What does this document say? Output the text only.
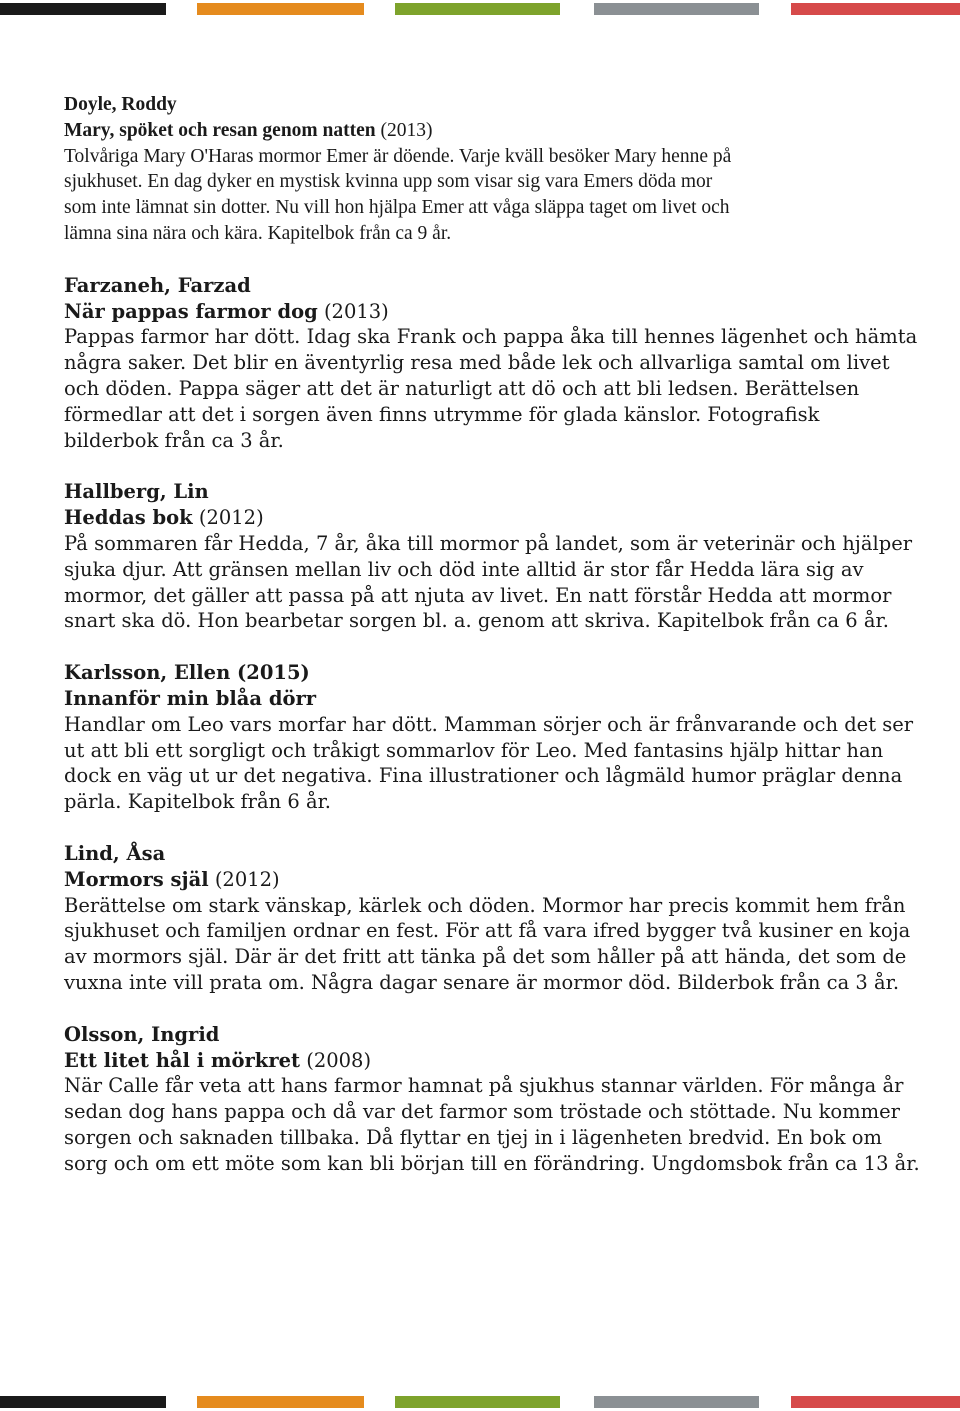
Doyle, Roddy
Mary, spöket och resan genom natten (2013)
Tolvåriga Mary O'Haras mormor Emer är döende. Varje kväll besöker Mary henne på
sjukhuset. En dag dyker en mystisk kvinna upp som visar sig vara Emers döda mor
som inte lämnat sin dotter. Nu vill hon hjälpa Emer att våga släppa taget om livet och
lämna sina nära och kära. Kapitelbok från ca 9 år.
Farzaneh, Farzad
När pappas farmor dog (2013)
Pappas farmor har dött. Idag ska Frank och pappa åka till hennes lägenhet och hämta
några saker. Det blir en äventyrlig resa med både lek och allvarliga samtal om livet
och döden. Pappa säger att det är naturligt att dö och att bli ledsen. Berättelsen
förmedlar att det i sorgen även finns utrymme för glada känslor. Fotografisk
bilderbok från ca 3 år.
Hallberg, Lin
Heddas bok (2012)
På sommaren får Hedda, 7 år, åka till mormor på landet, som är veterinär och hjälper
sjuka djur. Att gränsen mellan liv och död inte alltid är stor får Hedda lära sig av
mormor, det gäller att passa på att njuta av livet. En natt förstår Hedda att mormor
snart ska dö. Hon bearbetar sorgen bl. a. genom att skriva. Kapitelbok från ca 6 år.
Karlsson, Ellen (2015)
Innanför min blåa dörr
Handlar om Leo vars morfar har dött. Mamman sörjer och är frånvarande och det ser
ut att bli ett sorgligt och tråkigt sommarlov för Leo. Med fantasins hjälp hittar han
dock en väg ut ur det negativa. Fina illustrationer och lågmäld humor präglar denna
pärla. Kapitelbok från 6 år.
Lind, Åsa
Mormors själ (2012)
Berättelse om stark vänskap, kärlek och döden. Mormor har precis kommit hem från
sjukhuset och familjen ordnar en fest. För att få vara ifred bygger två kusiner en koja
av mormors själ. Där är det fritt att tänka på det som håller på att hända, det som de
vuxna inte vill prata om. Några dagar senare är mormor död. Bilderbok från ca 3 år.
Olsson, Ingrid
Ett litet hål i mörkret (2008)
När Calle får veta att hans farmor hamnat på sjukhus stannar världen. För många år
sedan dog hans pappa och då var det farmor som tröstade och stöttade. Nu kommer
sorgen och saknaden tillbaka. Då flyttar en tjej in i lägenheten bredvid. En bok om
sorg och om ett möte som kan bli början till en förändring. Ungdomsbok från ca 13 år.
